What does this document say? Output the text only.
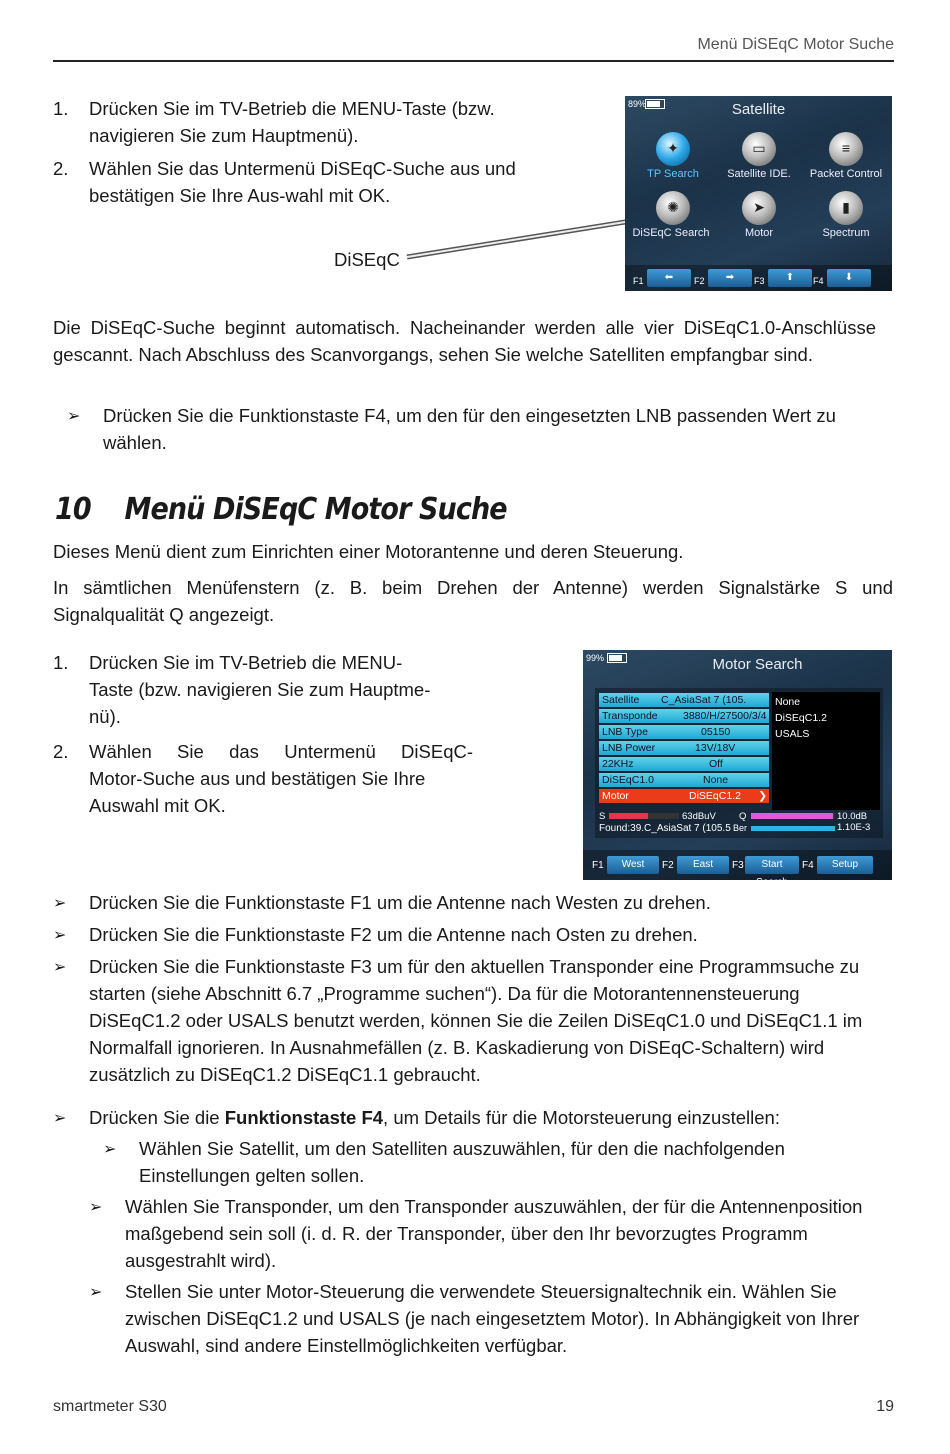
Menü DiSEqC Motor Suche
1.	Drücken Sie im TV-Betrieb die MENU-Taste (bzw. navigieren Sie zum Hauptmenü).
2.	Wählen Sie das Untermenü DiSEqC-Suche aus und bestätigen Sie Ihre Aus-wahl mit OK.
DiSEqC
89%	Satellite
✦
TP Search
▭
Satellite IDE.
≡
Packet Control
✺
DiSEqC Search
➤
Motor
▮
Spectrum
F1	⬅	F2	➡	F3	⬆	F4	⬇
Die DiSEqC-Suche beginnt automatisch. Nacheinander werden alle vier DiSEqC1.0-Anschlüsse gescannt. Nach Abschluss des Scanvorgangs, sehen Sie welche Satelliten empfangbar sind.
➢	Drücken Sie die Funktionstaste F4, um den für den eingesetzten LNB passenden Wert zu wählen.
10 Menü DiSEqC Motor Suche
Dieses Menü dient zum Einrichten einer Motorantenne und deren Steuerung.
In sämtlichen Menüfenstern (z. B. beim Drehen der Antenne) werden Signalstärke S und Signalqualität Q angezeigt.
1.	Drücken Sie im TV-Betrieb die MENU-
Taste (bzw. navigieren Sie zum Hauptme-
nü).
2.	Wählen Sie das Untermenü DiSEqC-
Motor-Suche aus und bestätigen Sie Ihre
Auswahl mit OK.
99%	Motor Search
Satellite C_AsiaSat 7 (105.
Transponde 3880/H/27500/3/4
LNB Type	05150
LNB Power	13V/18V
22KHz	Off
DiSEqC1.0	None
Motor	DiSEqC1.2 ❯
None
DiSEqC1.2
USALS
S	63dBuV Q	10.0dB
Found:39.C_AsiaSat 7 (105.5 Ber	1.10E-3
F1	West	F2	East	F3	Start Search
F4	Setup
➢ Drücken Sie die Funktionstaste F1 um die Antenne nach Westen zu drehen.
➢ Drücken Sie die Funktionstaste F2 um die Antenne nach Osten zu drehen.
➢ Drücken Sie die Funktionstaste F3 um für den aktuellen Transponder eine Programmsuche zu starten (siehe Abschnitt 6.7 „Programme suchen“). Da für die Motorantennensteuerung DiSEqC1.2 oder USALS benutzt werden, können Sie die Zeilen DiSEqC1.0 und DiSEqC1.1 im Normalfall ignorieren. In Ausnahmefällen (z. B. Kaskadierung von DiSEqC-Schaltern) wird zusätzlich zu DiSEqC1.2 DiSEqC1.1 gebraucht.
➢ Drücken Sie die Funktionstaste F4, um Details für die Motorsteuerung einzustellen:
➢ Wählen Sie Satellit, um den Satelliten auszuwählen, für den die nachfolgenden Einstellungen gelten sollen.
➢ Wählen Sie Transponder, um den Transponder auszuwählen, der für die Antennenposition maßgebend sein soll (i. d. R. der Transponder, über den Ihr bevorzugtes Programm ausgestrahlt wird).
➢ Stellen Sie unter Motor-Steuerung die verwendete Steuersignaltechnik ein. Wählen Sie zwischen DiSEqC1.2 und USALS (je nach eingesetztem Motor). In Abhängigkeit von Ihrer Auswahl, sind andere Einstellmöglichkeiten verfügbar.
smartmeter S30	19
